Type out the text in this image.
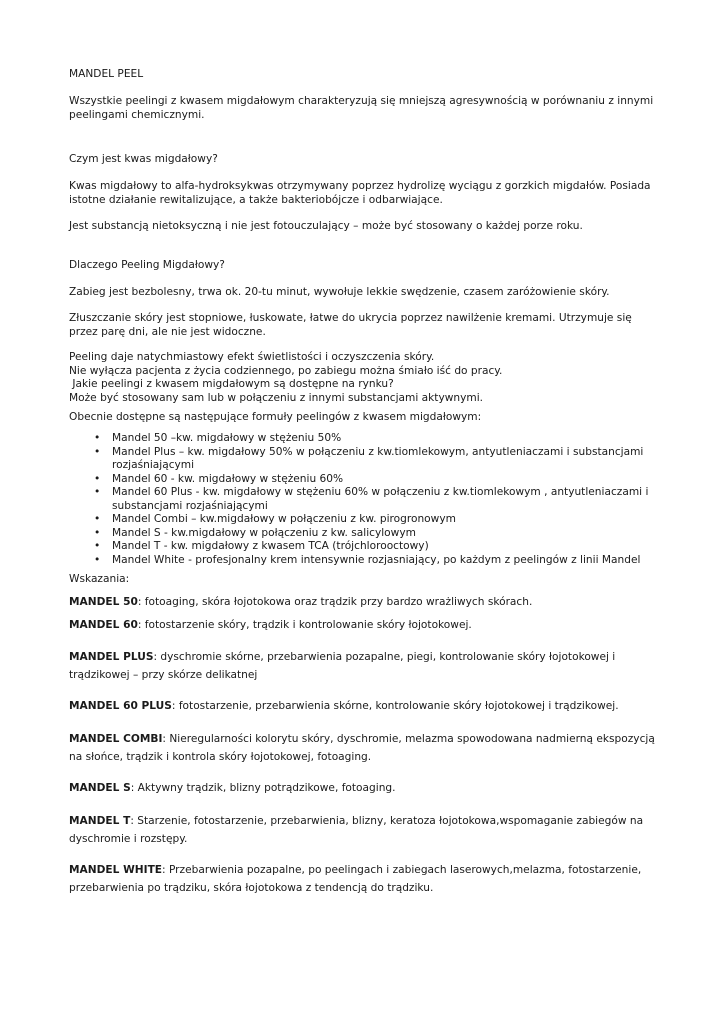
MANDEL PEEL

Wszystkie peelingi z kwasem migdałowym charakteryzują się mniejszą agresywnością w porównaniu z innymi peelingami chemicznymi.

Czym jest kwas migdałowy?

Kwas migdałowy to alfa-hydroksykwas otrzymywany poprzez hydrolizę wyciągu z gorzkich migdałów. Posiada istotne działanie rewitalizujące, a także bakteriobójcze i odbarwiające.

Jest substancją nietoksyczną i nie jest fotouczulający – może być stosowany o każdej porze roku.

Dlaczego Peeling Migdałowy?

Zabieg jest bezbolesny, trwa ok. 20-tu minut, wywołuje lekkie swędzenie, czasem zaróżowienie skóry.

Złuszczanie skóry jest stopniowe, łuskowate, łatwe do ukrycia poprzez nawilżenie kremami. Utrzymuje się przez parę dni, ale nie jest widoczne.

Peeling daje natychmiastowy efekt świetlistości i oczyszczenia skóry.
Nie wyłącza pacjenta z życia codziennego, po zabiegu można śmiało iść do pracy.
Jakie peelingi z kwasem migdałowym są dostępne na rynku?
Może być stosowany sam lub w połączeniu z innymi substancjami aktywnymi.

Obecnie dostępne są następujące formuły peelingów z kwasem migdałowym:

• Mandel 50 –kw. migdałowy w stężeniu 50%
• Mandel Plus – kw. migdałowy 50% w połączeniu z kw.tiomlekowym, antyutleniaczami i substancjami rozjaśniającymi
• Mandel 60 - kw. migdałowy w stężeniu 60%
• Mandel 60 Plus - kw. migdałowy w stężeniu 60% w połączeniu z kw.tiomlekowym , antyutleniaczami i substancjami rozjaśniającymi
• Mandel Combi – kw.migdałowy w połączeniu z kw. pirogronowym
• Mandel S - kw.migdałowy w połączeniu z kw. salicylowym
• Mandel T - kw. migdałowy z kwasem TCA (trójchlorooctowy)
• Mandel White - profesjonalny krem intensywnie rozjasniający, po każdym z peelingów z linii Mandel

Wskazania:

MANDEL 50: fotoaging, skóra łojotokowa oraz trądzik przy bardzo wrażliwych skórach.

MANDEL 60: fotostarzenie skóry, trądzik i kontrolowanie skóry łojotokowej.

MANDEL PLUS: dyschromie skórne, przebarwienia pozapalne, piegi, kontrolowanie skóry łojotokowej i trądzikowej – przy skórze delikatnej

MANDEL 60 PLUS: fotostarzenie, przebarwienia skórne, kontrolowanie skóry łojotokowej i trądzikowej.

MANDEL COMBI: Nieregularności kolorytu skóry, dyschromie, melazma spowodowana nadmierną ekspozycją na słońce, trądzik i kontrola skóry łojotokowej, fotoaging.

MANDEL S: Aktywny trądzik, blizny potrądzikowe, fotoaging.

MANDEL T: Starzenie, fotostarzenie, przebarwienia, blizny, keratoza łojotokowa,wspomaganie zabiegów na dyschromie i rozstępy.

MANDEL WHITE: Przebarwienia pozapalne, po peelingach i zabiegach laserowych,melazma, fotostarzenie, przebarwienia po trądziku, skóra łojotokowa z tendencją do trądziku.
